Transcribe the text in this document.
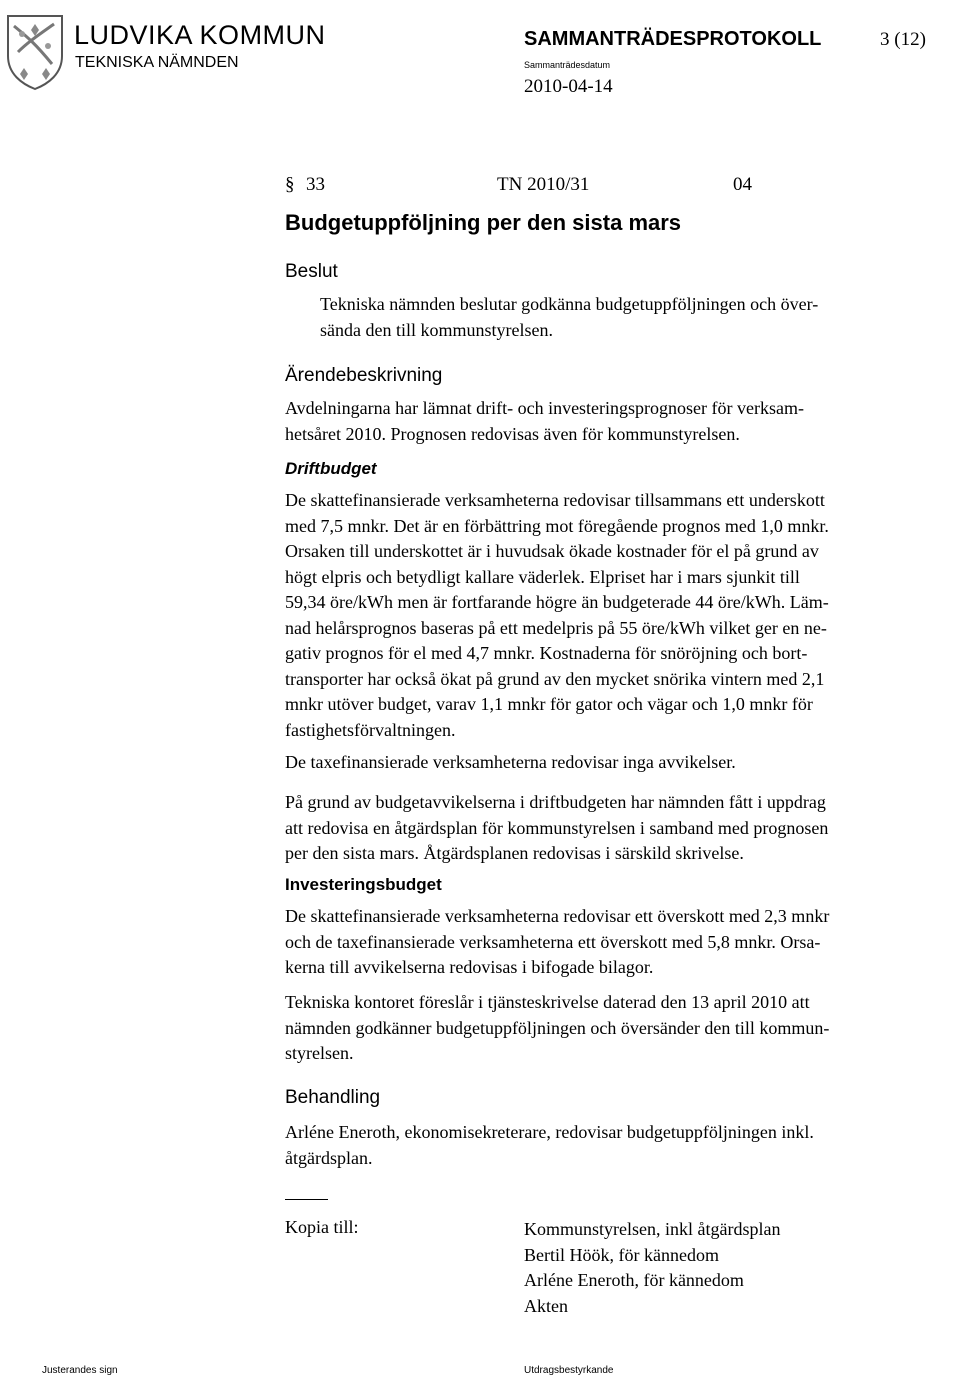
LUDVIKA KOMMUN
TEKNISKA NÄMNDEN
SAMMANTRÄDESPROTOKOLL	3 (12)
Sammanträdesdatum
2010-04-14
§ 33	TN 2010/31	04
Budgetuppföljning per den sista mars
Beslut
Tekniska nämnden beslutar godkänna budgetuppföljningen och över-
sända den till kommunstyrelsen.
Ärendebeskrivning
Avdelningarna har lämnat drift- och investeringsprognoser för verksam-
hetsåret 2010. Prognosen redovisas även för kommunstyrelsen.
Driftbudget
De skattefinansierade verksamheterna redovisar tillsammans ett underskott
med 7,5 mnkr. Det är en förbättring mot föregående prognos med 1,0 mnkr.
Orsaken till underskottet är i huvudsak ökade kostnader för el på grund av
högt elpris och betydligt kallare väderlek. Elpriset har i mars sjunkit till
59,34 öre/kWh men är fortfarande högre än budgeterade 44 öre/kWh. Läm-
nad helårsprognos baseras på ett medelpris på 55 öre/kWh vilket ger en ne-
gativ prognos för el med 4,7 mnkr. Kostnaderna för snöröjning och bort-
transporter har också ökat på grund av den mycket snörika vintern med 2,1
mnkr utöver budget, varav 1,1 mnkr för gator och vägar och 1,0 mnkr för
fastighetsförvaltningen.
De taxefinansierade verksamheterna redovisar inga avvikelser.
På grund av budgetavvikelserna i driftbudgeten har nämnden fått i uppdrag
att redovisa en åtgärdsplan för kommunstyrelsen i samband med prognosen
per den sista mars. Åtgärdsplanen redovisas i särskild skrivelse.
Investeringsbudget
De skattefinansierade verksamheterna redovisar ett överskott med 2,3 mnkr
och de taxefinansierade verksamheterna ett överskott med 5,8 mnkr. Orsa-
kerna till avvikelserna redovisas i bifogade bilagor.
Tekniska kontoret föreslår i tjänsteskrivelse daterad den 13 april 2010 att
nämnden godkänner budgetuppföljningen och översänder den till kommun-
styrelsen.
Behandling
Arléne Eneroth, ekonomisekreterare, redovisar budgetuppföljningen inkl.
åtgärdsplan.
Kopia till:	Kommunstyrelsen, inkl åtgärdsplan
Bertil Höök, för kännedom
Arléne Eneroth, för kännedom
Akten
Justerandes sign	Utdragsbestyrkande
